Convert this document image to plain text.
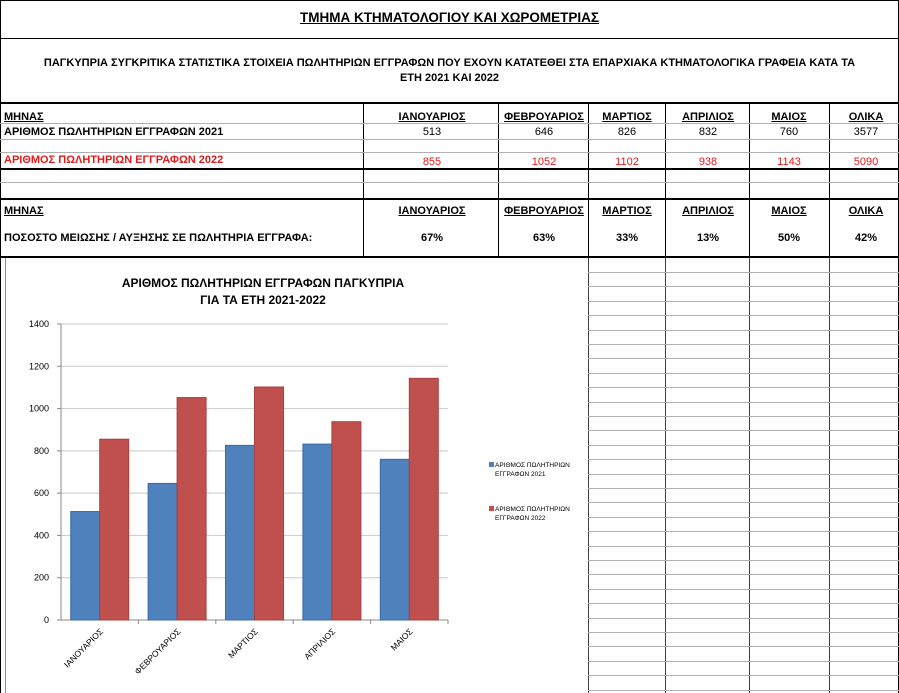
ΤΜΗΜΑ ΚΤΗΜΑΤΟΛΟΓΙΟΥ ΚΑΙ ΧΩΡΟΜΕΤΡΙΑΣ
ΠΑΓΚΥΠΡΙΑ ΣΥΓΚΡΙΤΙΚΑ ΣΤΑΤΙΣΤΙΚΑ ΣΤΟΙΧΕΙΑ ΠΩΛΗΤΗΡΙΩΝ ΕΓΓΡΑΦΩΝ ΠΟΥ ΕΧΟΥΝ ΚΑΤΑΤΕΘΕΙ ΣΤΑ ΕΠΑΡΧΙΑΚΑ ΚΤΗΜΑΤΟΛΟΓΙΚΑ ΓΡΑΦΕΙΑ ΚΑΤΑ ΤΑ
ΕΤΗ 2021 ΚΑΙ 2022
ΜΗΝΑΣ	ΙΑΝΟΥΑΡΙΟΣ	ΦΕΒΡΟΥΑΡΙΟΣ	ΜΑΡΤΙΟΣ	ΑΠΡΙΛΙΟΣ	ΜΑΙΟΣ	ΟΛΙΚΑ
ΑΡΙΘΜΟΣ ΠΩΛΗΤΗΡΙΩΝ ΕΓΓΡΑΦΩΝ 2021	513	646	826	832	760	3577
ΑΡΙΘΜΟΣ ΠΩΛΗΤΗΡΙΩΝ ΕΓΓΡΑΦΩΝ 2022	855	1052	1102	938	1143	5090
ΜΗΝΑΣ	ΙΑΝΟΥΑΡΙΟΣ	ΦΕΒΡΟΥΑΡΙΟΣ	ΜΑΡΤΙΟΣ	ΑΠΡΙΛΙΟΣ	ΜΑΙΟΣ	ΟΛΙΚΑ
ΠΟΣΟΣΤΟ ΜΕΙΩΣΗΣ / ΑΥΞΗΣΗΣ ΣΕ ΠΩΛΗΤΗΡΙΑ ΕΓΓΡΑΦΑ:	67%	63%	33%	13%	50%	42%
ΑΡΙΘΜΟΣ ΠΩΛΗΤΗΡΙΩΝ ΕΓΓΡΑΦΩΝ ΠΑΓΚΥΠΡΙΑ
ΓΙΑ ΤΑ ΕΤΗ 2021-2022
0
200
400
600
800
1000
1200
1400
ΙΑΝΟΥΑΡΙΟΣ	ΦΕΒΡΟΥΑΡΙΟΣ	ΜΑΡΤΙΟΣ	ΑΠΡΙΛΙΟΣ	ΜΑΙΟΣ
ΑΡΙΘΜΟΣ ΠΩΛΗΤΗΡΙΩΝ
ΕΓΓΡΑΦΩΝ 2021
ΑΡΙΘΜΟΣ ΠΩΛΗΤΗΡΙΩΝ
ΕΓΓΡΑΦΩΝ 2022
